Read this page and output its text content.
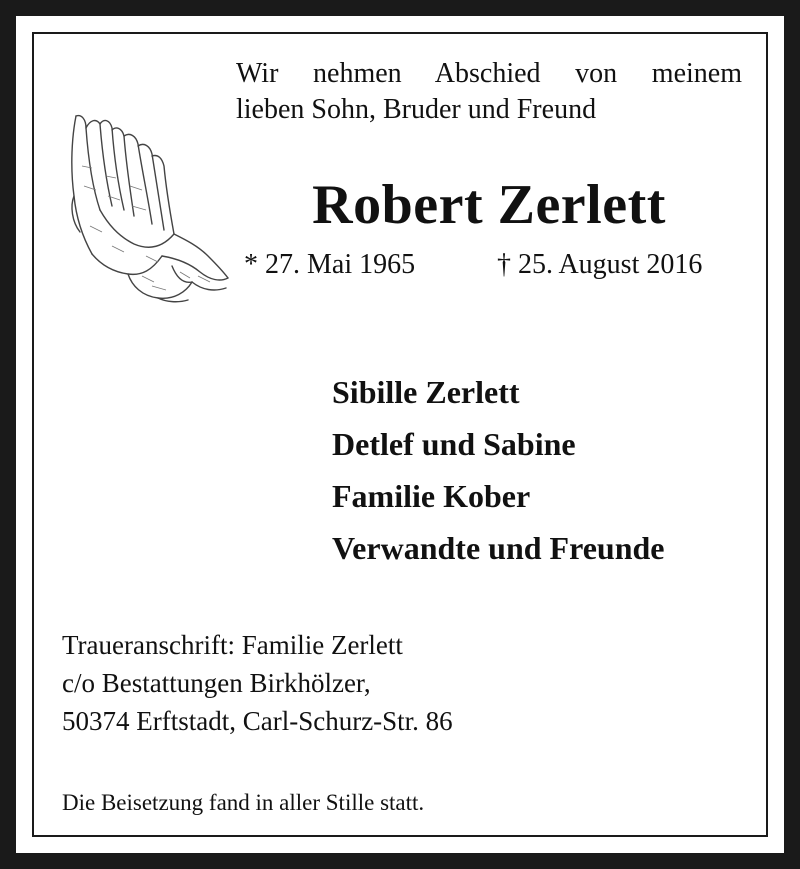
Wir nehmen Abschied von meinem
lieben Sohn, Bruder und Freund
Robert Zerlett
* 27. Mai 1965	† 25. August 2016
Sibille Zerlett
Detlef und Sabine
Familie Kober
Verwandte und Freunde
Traueranschrift: Familie Zerlett
c/o Bestattungen Birkhölzer,
50374 Erftstadt, Carl-Schurz-Str. 86
Die Beisetzung fand in aller Stille statt.
